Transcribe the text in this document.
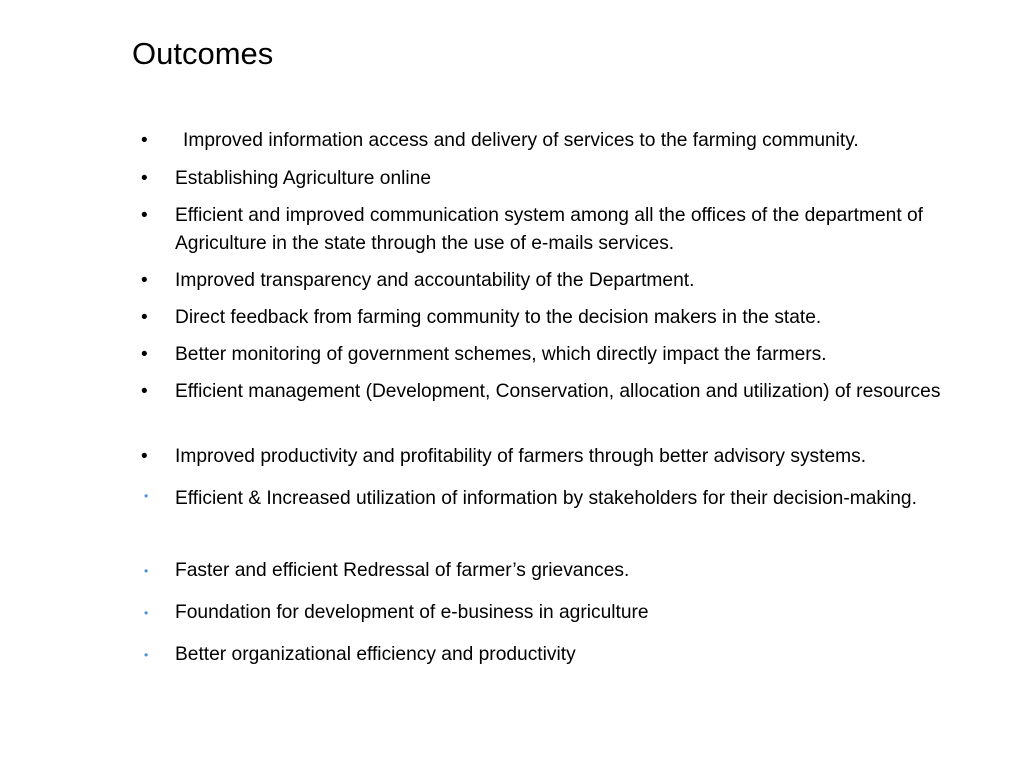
Outcomes
• Improved information access and delivery of services to the farming community.
• Establishing Agriculture online
• Efficient and improved communication system among all the offices of the department of Agriculture in the state through the use of e-mails services.
• Improved transparency and accountability of the Department.
• Direct feedback from farming community to the decision makers in the state.
• Better monitoring of government schemes, which directly impact the farmers.
• Efficient management (Development, Conservation, allocation and utilization) of resources
• Improved productivity and profitability of farmers through better advisory systems.
• Efficient & Increased utilization of information by stakeholders for their decision-making.
• Faster and efficient Redressal of farmer’s grievances.
• Foundation for development of e-business in agriculture
• Better organizational efficiency and productivity
